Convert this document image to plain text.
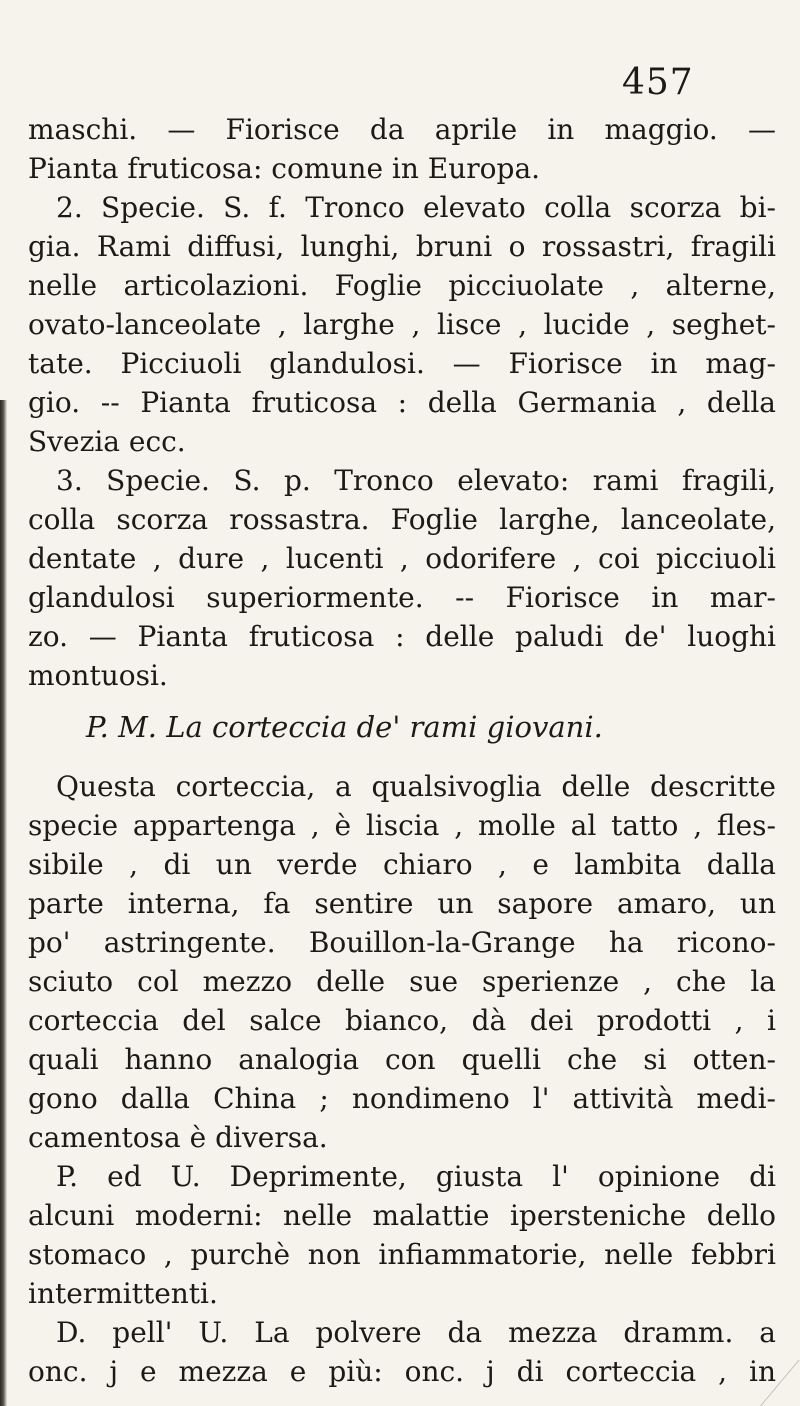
457
maschi. — Fiorisce da aprile in maggio. —
Pianta fruticosa: comune in Europa.
2. Specie. S. f. Tronco elevato colla scorza bi-
gia. Rami diffusi, lunghi, bruni o rossastri, fragili
nelle articolazioni. Foglie picciuolate , alterne,
ovato-lanceolate , larghe , lisce , lucide , seghet-
tate. Picciuoli glandulosi. — Fiorisce in mag-
gio. -- Pianta fruticosa : della Germania , della
Svezia ecc.
3. Specie. S. p. Tronco elevato: rami fragili,
colla scorza rossastra. Foglie larghe, lanceolate,
dentate , dure , lucenti , odorifere , coi picciuoli
glandulosi superiormente. -- Fiorisce in mar-
zo. — Pianta fruticosa : delle paludi de' luoghi
montuosi.
P. M. La corteccia de' rami giovani.
Questa corteccia, a qualsivoglia delle descritte
specie appartenga , è liscia , molle al tatto , fles-
sibile , di un verde chiaro , e lambita dalla
parte interna, fa sentire un sapore amaro, un
po' astringente. Bouillon-la-Grange ha ricono-
sciuto col mezzo delle sue sperienze , che la
corteccia del salce bianco, dà dei prodotti , i
quali hanno analogia con quelli che si otten-
gono dalla China ; nondimeno l' attività medi-
camentosa è diversa.
P. ed U. Deprimente, giusta l' opinione di
alcuni moderni: nelle malattie ipersteniche dello
stomaco , purchè non infiammatorie, nelle febbri
intermittenti.
D. pell' U. La polvere da mezza dramm. a
onc. j e mezza e più: onc. j di corteccia , in
